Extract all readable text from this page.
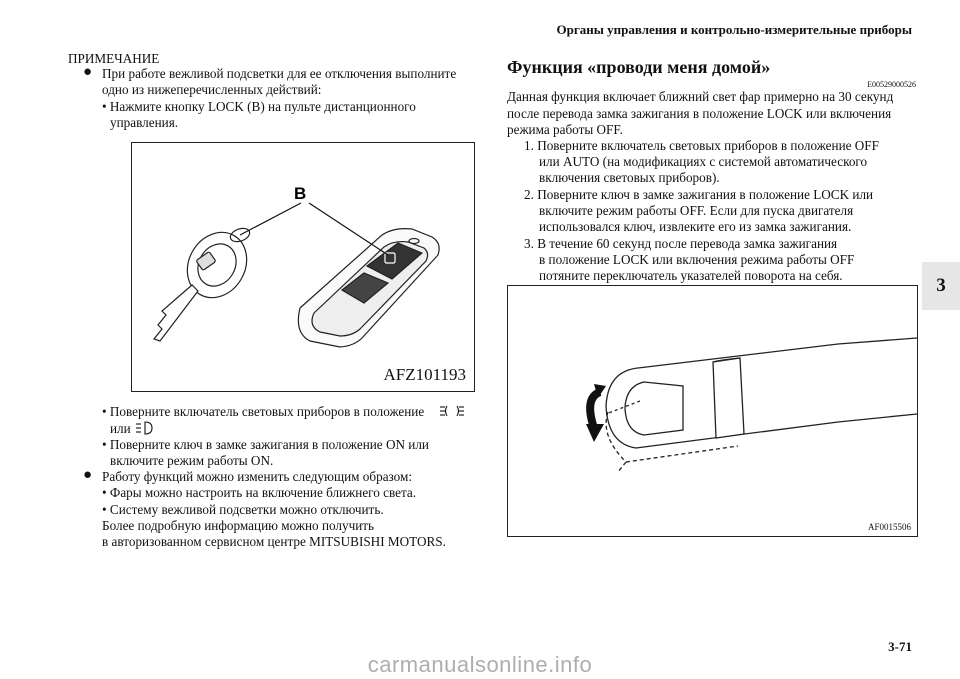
Органы управления и контрольно-измерительные приборы
3
ПРИМЕЧАНИЕ
● При работе вежливой подсветки для ее отключения выполните
одно из нижеперечисленных действий:
• Нажмите кнопку LOCK (B) на пульте дистанционного
управления.
B
AFZ101193
• Поверните включатель световых приборов в положение
или
• Поверните ключ в замке зажигания в положение ON или
включите режим работы ON.
● Работу функций можно изменить следующим образом:
• Фары можно настроить на включение ближнего света.
• Систему вежливой подсветки можно отключить.
Более подробную информацию можно получить
в авторизованном сервисном центре MITSUBISHI MOTORS.
Функция «проводи меня домой»
E00529000526
Данная функция включает ближний свет фар примерно на 30 секунд
после перевода замка зажигания в положение LOCK или включения
режима работы OFF.
1. Поверните включатель световых приборов в положение OFF
или AUTO (на модификациях с системой автоматического
включения световых приборов).
2. Поверните ключ в замке зажигания в положение LOCK или
включите режим работы OFF. Если для пуска двигателя
использовался ключ, извлеките его из замка зажигания.
3. В течение 60 секунд после перевода замка зажигания
в положение LOCK или включения режима работы OFF
потяните переключатель указателей поворота на себя.
AF0015506
3-71
carmanualsonline.info
